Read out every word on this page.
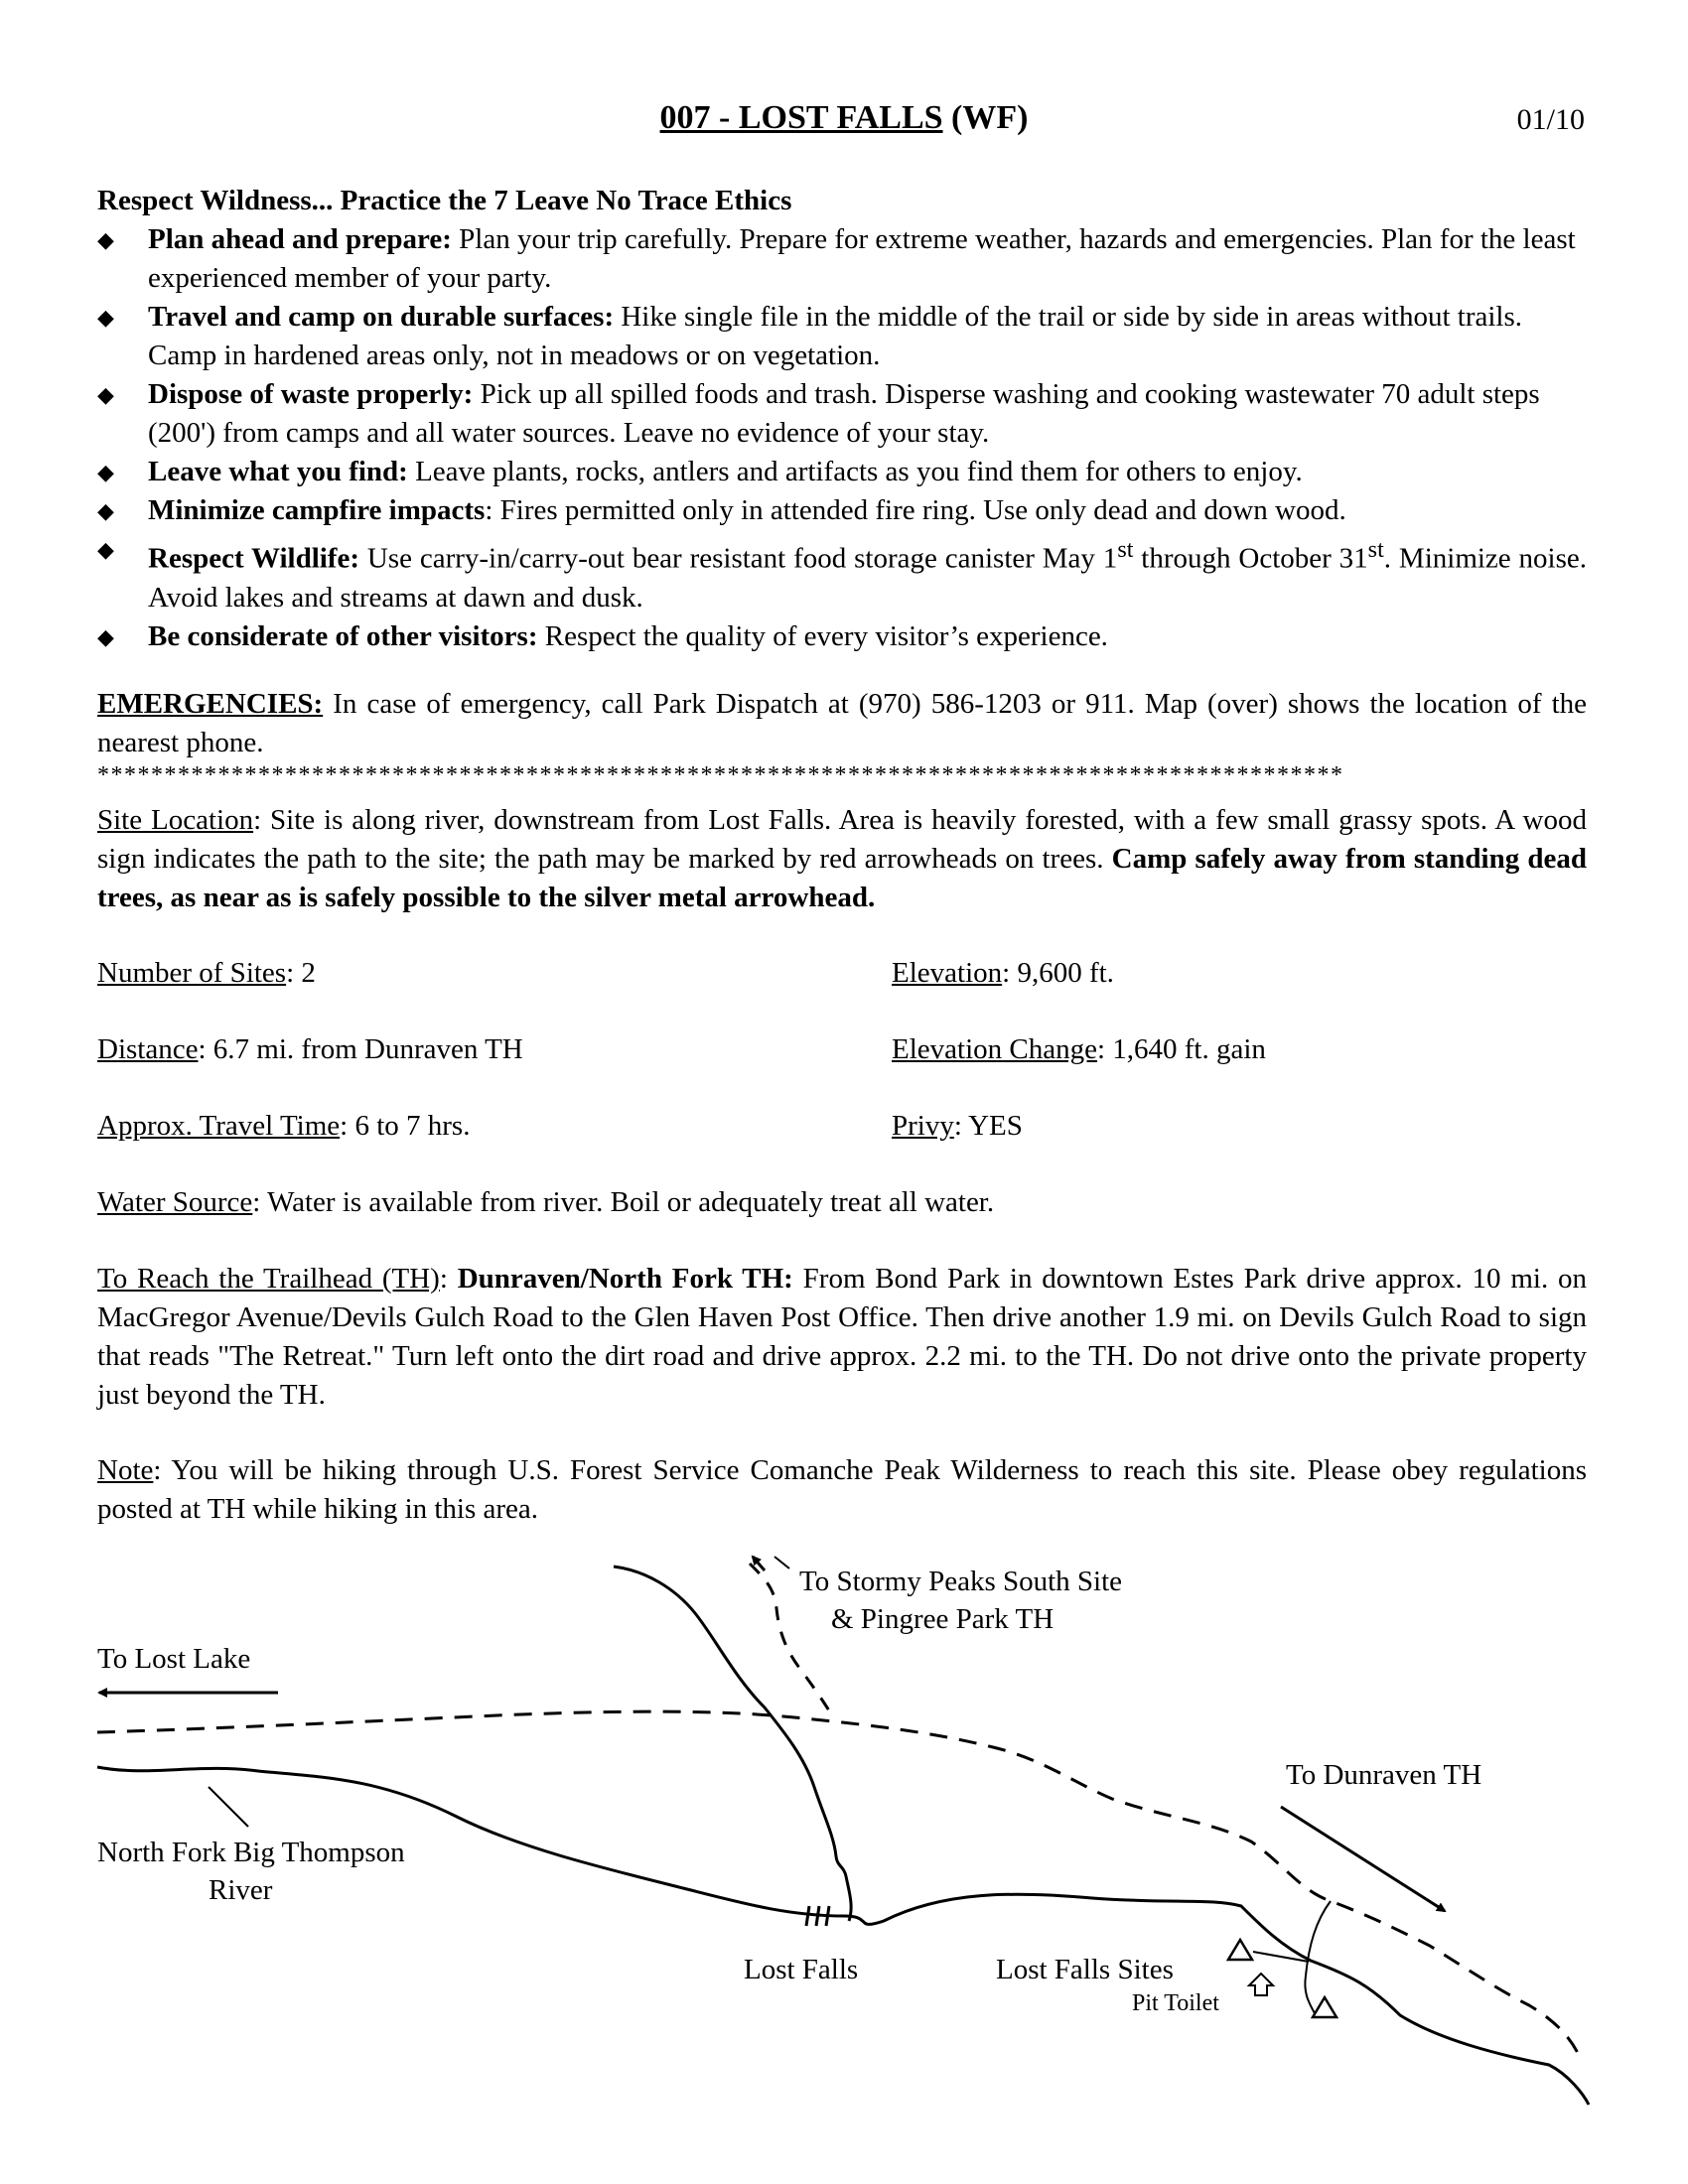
007 - LOST FALLS (WF)	01/10
Respect Wildness... Practice the 7 Leave No Trace Ethics
◆	Plan ahead and prepare: Plan your trip carefully. Prepare for extreme weather, hazards and emergencies. Plan for the least experienced member of your party.
◆	Travel and camp on durable surfaces: Hike single file in the middle of the trail or side by side in areas without trails. Camp in hardened areas only, not in meadows or on vegetation.
◆	Dispose of waste properly: Pick up all spilled foods and trash. Disperse washing and cooking wastewater 70 adult steps (200') from camps and all water sources. Leave no evidence of your stay.
◆	Leave what you find: Leave plants, rocks, antlers and artifacts as you find them for others to enjoy.
◆	Minimize campfire impacts: Fires permitted only in attended fire ring. Use only dead and down wood.
◆	Respect Wildlife: Use carry-in/carry-out bear resistant food storage canister May 1st through October 31st. Minimize noise. Avoid lakes and streams at dawn and dusk.
◆	Be considerate of other visitors: Respect the quality of every visitor’s experience.
EMERGENCIES: In case of emergency, call Park Dispatch at (970) 586-1203 or 911. Map (over) shows the location of the nearest phone.
*********************************************************************************************
Site Location: Site is along river, downstream from Lost Falls. Area is heavily forested, with a few small grassy spots. A wood sign indicates the path to the site; the path may be marked by red arrowheads on trees. Camp safely away from standing dead trees, as near as is safely possible to the silver metal arrowhead.
Number of Sites: 2	Elevation: 9,600 ft.
Distance: 6.7 mi. from Dunraven TH	Elevation Change: 1,640 ft. gain
Approx. Travel Time: 6 to 7 hrs.	Privy: YES
Water Source: Water is available from river. Boil or adequately treat all water.
To Reach the Trailhead (TH): Dunraven/North Fork TH: From Bond Park in downtown Estes Park drive approx. 10 mi. on MacGregor Avenue/Devils Gulch Road to the Glen Haven Post Office. Then drive another 1.9 mi. on Devils Gulch Road to sign that reads "The Retreat." Turn left onto the dirt road and drive approx. 2.2 mi. to the TH. Do not drive onto the private property just beyond the TH.
Note: You will be hiking through U.S. Forest Service Comanche Peak Wilderness to reach this site. Please obey regulations posted at TH while hiking in this area.
To Stormy Peaks South Site
& Pingree Park TH
To Lost Lake
To Dunraven TH
North Fork Big Thompson
River
Lost Falls	Lost Falls Sites
Pit Toilet
